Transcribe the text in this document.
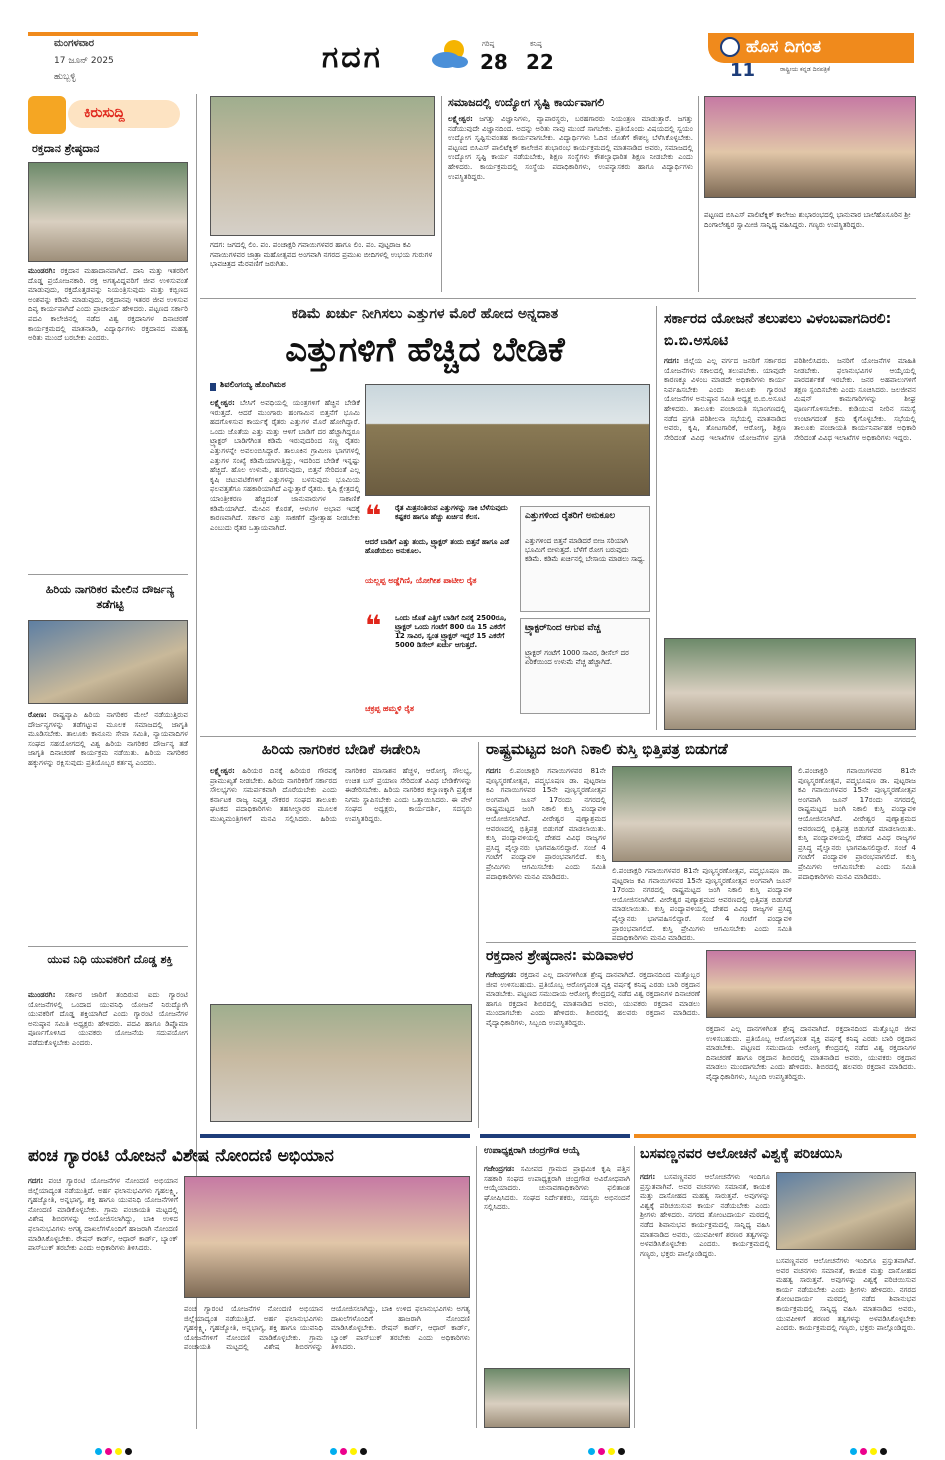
ಮಂಗಳವಾರ
17 ಜೂನ್ 2025
ಹುಬ್ಬಳ್ಳಿ
ಗದಗ	ಗರಿಷ್ಠ
28
ಕನಿಷ್ಠ
22
ಹೊಸ ದಿಗಂತ
ರಾಷ್ಟ್ರೀಯ ಕನ್ನಡ ದಿನಪತ್ರಿಕೆ
11
ಕಿರುಸುದ್ದಿ
ರಕ್ತದಾನ ಶ್ರೇಷ್ಠದಾನ
ಮುಂಡರಗಿ: ರಕ್ತದಾನ ಮಹಾದಾನವಾಗಿದೆ. ದಾನಿ ಮತ್ತು ಇತರರಿಗೆ ದೊಡ್ಡ ಪ್ರಯೋಜನಕಾರಿ. ರಕ್ತ ಅಗತ್ಯವಿದ್ದವರಿಗೆ ಜೀವ ಉಳಿಸುವಂತೆ ಮಾಡುವುದು, ರಕ್ತದೊತ್ತಡವನ್ನು ನಿಯಂತ್ರಿಸುವುದು ಮತ್ತು ಕಬ್ಬಿಣದ ಅಂಶವನ್ನು ಕಡಿಮೆ ಮಾಡುವುದು, ರಕ್ತದಾನವು ಇತರರ ಜೀವ ಉಳಿಸುವ ದಿವ್ಯ ಕಾರ್ಯವಾಗಿದೆ ಎಂದು ಪ್ರಾಚಾರ್ಯ ಹೇಳಿದರು. ಪಟ್ಟಣದ ಸರ್ಕಾರಿ ಪದವಿ ಕಾಲೇಜಿನಲ್ಲಿ ನಡೆದ ವಿಶ್ವ ರಕ್ತದಾನಿಗಳ ದಿನಾಚರಣೆ ಕಾರ್ಯಕ್ರಮದಲ್ಲಿ ಮಾತನಾಡಿ, ವಿದ್ಯಾರ್ಥಿಗಳು ರಕ್ತದಾನದ ಮಹತ್ವ ಅರಿತು ಮುಂದೆ ಬರಬೇಕು ಎಂದರು.
ಹಿರಿಯ ನಾಗರಿಕರ ಮೇಲಿನ ದೌರ್ಜನ್ಯ ತಡೆಗಟ್ಟಿ
ರೋಣ: ರಾಷ್ಟ್ರವ್ಯಾಪಿ ಹಿರಿಯ ನಾಗರಿಕರ ಮೇಲೆ ನಡೆಯುತ್ತಿರುವ ದೌರ್ಜನ್ಯಗಳನ್ನು ತಡೆಗಟ್ಟುವ ಮೂಲಕ ಸಮಾಜದಲ್ಲಿ ಜಾಗೃತಿ ಮೂಡಿಸಬೇಕು. ತಾಲೂಕು ಕಾನೂನು ಸೇವಾ ಸಮಿತಿ, ನ್ಯಾಯವಾದಿಗಳ ಸಂಘದ ಸಹಯೋಗದಲ್ಲಿ ವಿಶ್ವ ಹಿರಿಯ ನಾಗರಿಕರ ದೌರ್ಜನ್ಯ ತಡೆ ಜಾಗೃತಿ ದಿನಾಚರಣೆ ಕಾರ್ಯಕ್ರಮ ನಡೆಯಿತು. ಹಿರಿಯ ನಾಗರಿಕರ ಹಕ್ಕುಗಳನ್ನು ರಕ್ಷಿಸುವುದು ಪ್ರತಿಯೊಬ್ಬರ ಕರ್ತವ್ಯ ಎಂದರು.
ಯುವ ನಿಧಿ ಯುವಕರಿಗೆ ದೊಡ್ಡ ಶಕ್ತಿ
ಮುಂಡರಗಿ: ಸರ್ಕಾರ ಜಾರಿಗೆ ತಂದಿರುವ ಐದು ಗ್ಯಾರಂಟಿ ಯೋಜನೆಗಳಲ್ಲಿ ಒಂದಾದ ಯುವನಿಧಿ ಯೋಜನೆ ನಿರುದ್ಯೋಗಿ ಯುವಕರಿಗೆ ದೊಡ್ಡ ಶಕ್ತಿಯಾಗಿದೆ ಎಂದು ಗ್ಯಾರಂಟಿ ಯೋಜನೆಗಳ ಅನುಷ್ಠಾನ ಸಮಿತಿ ಅಧ್ಯಕ್ಷರು ಹೇಳಿದರು. ಪದವಿ ಹಾಗೂ ಡಿಪ್ಲೊಮಾ ಪೂರ್ಣಗೊಳಿಸಿದ ಯುವಕರು ಯೋಜನೆಯ ಸದುಪಯೋಗ ಪಡೆದುಕೊಳ್ಳಬೇಕು ಎಂದರು.
ಗದಗ: ಜಗದಲ್ಲಿ ಲಿಂ. ಪಂ. ಪಂಚಾಕ್ಷರಿ ಗವಾಯಿಗಳವರ ಹಾಗೂ ಲಿಂ. ಪಂ. ಪುಟ್ಟರಾಜ ಕವಿ ಗವಾಯಿಗಳವರ ಜಾತ್ರಾ ಮಹೋತ್ಸವದ ಅಂಗವಾಗಿ ನಗರದ ಪ್ರಮುಖ ಬೀದಿಗಳಲ್ಲಿ ಉಭಯ ಗುರುಗಳ ಭಾವಚಿತ್ರದ ಮೆರವಣಿಗೆ ಜರುಗಿತು.
ಸಮಾಜದಲ್ಲಿ ಉದ್ಯೋಗ ಸೃಷ್ಟಿ ಕಾರ್ಯವಾಗಲಿ
ಲಕ್ಷ್ಮೇಶ್ವರ: ಜಗತ್ತು ವಿಜ್ಞಾನಿಗಳು, ವ್ಯಾಪಾರಸ್ಥರು, ಬರಹಗಾರರು ನಿಯಂತ್ರಣ ಮಾಡುತ್ತಾರೆ. ಜಗತ್ತು ನಡೆಯುವುದೇ ವಿಜ್ಞಾನದಿಂದ. ಅದನ್ನು ಅರಿತು ನಾವು ಮುಂದೆ ಸಾಗಬೇಕು. ಪ್ರತಿಯೊಂದು ವಿಷಯದಲ್ಲಿ ಸ್ವಯಂ ಉದ್ಯೋಗ ಸೃಷ್ಟಿಸುವಂತಹ ಕಾರ್ಯವಾಗಬೇಕು. ವಿದ್ಯಾರ್ಥಿಗಳು ಓದಿನ ಜೊತೆಗೆ ಕೌಶಲ್ಯ ಬೆಳೆಸಿಕೊಳ್ಳಬೇಕು. ಪಟ್ಟಣದ ಬಿಸಿಎಸ್ ಪಾಲಿಟೆಕ್ನಿಕ್ ಕಾಲೇಜಿನ ಶುಭಾರಂಭ ಕಾರ್ಯಕ್ರಮದಲ್ಲಿ ಮಾತನಾಡಿದ ಅವರು, ಸಮಾಜದಲ್ಲಿ ಉದ್ಯೋಗ ಸೃಷ್ಟಿ ಕಾರ್ಯ ನಡೆಯಬೇಕು, ಶಿಕ್ಷಣ ಸಂಸ್ಥೆಗಳು ಕೌಶಲ್ಯಾಧಾರಿತ ಶಿಕ್ಷಣ ನೀಡಬೇಕು ಎಂದು ಹೇಳಿದರು. ಕಾರ್ಯಕ್ರಮದಲ್ಲಿ ಸಂಸ್ಥೆಯ ಪದಾಧಿಕಾರಿಗಳು, ಉಪನ್ಯಾಸಕರು ಹಾಗೂ ವಿದ್ಯಾರ್ಥಿಗಳು ಉಪಸ್ಥಿತರಿದ್ದರು.
ಪಟ್ಟಣದ ಬಿಸಿಎಸ್ ಪಾಲಿಟೆಕ್ನಿಕ್ ಕಾಲೇಜು ಶುಭಾರಂಭದಲ್ಲಿ ಭಾನುವಾರ ಬಾಲೆಹೊಸೂರಿನ ಶ್ರೀ ದಿಂಗಾಲೇಶ್ವರ ಸ್ವಾಮೀಜಿ ಸಾನ್ನಿಧ್ಯ ವಹಿಸಿದ್ದರು. ಗಣ್ಯರು ಉಪಸ್ಥಿತರಿದ್ದರು.
ಕಡಿಮೆ ಖರ್ಚು ನೀಗಿಸಲು ಎತ್ತುಗಳ ಮೊರೆ ಹೋದ ಅನ್ನದಾತ
ಎತ್ತುಗಳಿಗೆ ಹೆಚ್ಚಿದ ಬೇಡಿಕೆ
ಶಿವಲಿಂಗಯ್ಯ ಹೊಂಗಿಮಠ
ಲಕ್ಷ್ಮೇಶ್ವರ: ಬೇಸಿಗೆ ಅವಧಿಯಲ್ಲಿ ಯಂತ್ರಗಳಿಗೆ ಹೆಚ್ಚಿನ ಬೇಡಿಕೆ ಇರುತ್ತದೆ. ಆದರೆ ಮುಂಗಾರು ಹಂಗಾಮಿನ ಬಿತ್ತನೆಗೆ ಭೂಮಿ ಹದಗೊಳಿಸುವ ಕಾರ್ಯಕ್ಕೆ ರೈತರು ಎತ್ತುಗಳ ಮೊರೆ ಹೋಗಿದ್ದಾರೆ. ಒಂದು ಜೊತೆಯ ಎತ್ತು ಮತ್ತು ಆಳಿಗೆ ಬಾಡಿಗೆ ದರ ಹೆಚ್ಚಾಗಿದ್ದರೂ ಟ್ರ್ಯಾಕ್ಟರ್ ಬಾಡಿಗೆಗಿಂತ ಕಡಿಮೆ ಇರುವುದರಿಂದ ಸಣ್ಣ ರೈತರು ಎತ್ತುಗಳನ್ನೇ ಅವಲಂಬಿಸಿದ್ದಾರೆ. ತಾಲೂಕಿನ ಗ್ರಾಮೀಣ ಭಾಗಗಳಲ್ಲಿ ಎತ್ತುಗಳ ಸಂಖ್ಯೆ ಕಡಿಮೆಯಾಗುತ್ತಿದ್ದು, ಇದರಿಂದ ಬೇಡಿಕೆ ಇನ್ನಷ್ಟು ಹೆಚ್ಚಿದೆ. ಹೊಲ ಉಳುಮೆ, ಹರಗುವುದು, ಬಿತ್ತನೆ ಸೇರಿದಂತೆ ಎಲ್ಲ ಕೃಷಿ ಚಟುವಟಿಕೆಗಳಿಗೆ ಎತ್ತುಗಳನ್ನು ಬಳಸುವುದು ಭೂಮಿಯ ಫಲವತ್ತತೆಗೂ ಸಹಕಾರಿಯಾಗಿದೆ ಎನ್ನುತ್ತಾರೆ ರೈತರು. ಕೃಷಿ ಕ್ಷೇತ್ರದಲ್ಲಿ ಯಾಂತ್ರೀಕರಣ ಹೆಚ್ಚಿದಂತೆ ಜಾನುವಾರುಗಳ ಸಾಕಾಣಿಕೆ ಕಡಿಮೆಯಾಗಿದೆ. ಮೇವಿನ ಕೊರತೆ, ಆಳುಗಳ ಅಭಾವ ಇದಕ್ಕೆ ಕಾರಣವಾಗಿದೆ. ಸರ್ಕಾರ ಎತ್ತು ಸಾಕಣೆಗೆ ಪ್ರೋತ್ಸಾಹ ನೀಡಬೇಕು ಎಂಬುದು ರೈತರ ಒತ್ತಾಯವಾಗಿದೆ.	❝ ರೈತ ಮಿತ್ರನಂತಿರುವ ಎತ್ತುಗಳನ್ನು ಸಾಕಿ ಬೆಳೆಸುವುದು ಕಷ್ಟಕರ ಹಾಗೂ ಹೆಚ್ಚು ಖರ್ಚಿನ ಕೆಲಸ.
ಆದರೆ ಬಾಡಿಗೆ ಎತ್ತು ತಂದು, ಟ್ರ್ಯಾಕ್ಟರ್ ತಂದು ಬಿತ್ತನೆ ಹಾಗೂ ಎಡೆ ಹೊಡೆಯಲು ಅನುಕೂಲ.
ಯಲ್ಲಪ್ಪ ಅಡ್ಡೆಗಿಣಿ, ಯೋಗೀಶ ಪಾಟೀಲ ರೈತ
❝ ಒಂದು ಜೊತೆ ಎತ್ತಿಗೆ ಬಾಡಿಗೆ ದಿನಕ್ಕೆ 2500ರೂ, ಟ್ರ್ಯಾಕ್ಟರ್ ಒಂದು ಗಂಟೆಗೆ 800 ರೂ 15 ಎಕರೆಗೆ 12 ಸಾವಿರ, ಸ್ವಂತ ಟ್ರ್ಯಾಕ್ಟರ್ ಇದ್ದರೆ 15 ಎಕರೆಗೆ 5000 ಡಿಸೇಲ್ ಖರ್ಚು ಆಗುತ್ತದೆ.
ಚಕ್ರಪ್ಪ ಹಮ್ಮಳಿ ರೈತ
ಎತ್ತುಗಳಿಂದ ರೈತರಿಗೆ ಅನುಕೂಲ
ಎತ್ತುಗಳಿಂದ ಬಿತ್ತನೆ ಮಾಡಿದರೆ ಬೀಜ ಸರಿಯಾಗಿ ಭೂಮಿಗೆ ಬೀಳುತ್ತದೆ. ಬೆಳೆಗೆ ರೋಗ ಬರುವುದು ಕಡಿಮೆ. ಕಡಿಮೆ ಖರ್ಚಿನಲ್ಲಿ ಬೇಸಾಯ ಮಾಡಲು ಸಾಧ್ಯ.
ಟ್ರ್ಯಾಕ್ಟರ್‌ನಿಂದ ಆಗುವ ವೆಚ್ಚ
ಟ್ರ್ಯಾಕ್ಟರ್ ಗಂಟೆಗೆ 1000 ಸಾವಿರ, ಡೀಸೆಲ್ ದರ ಏರಿಕೆಯಿಂದ ಉಳುಮೆ ವೆಚ್ಚ ಹೆಚ್ಚಾಗಿದೆ.
ಸರ್ಕಾರದ ಯೋಜನೆ ತಲುಪಲು ವಿಳಂಬವಾಗದಿರಲಿ: ಬಿ.ಬಿ.ಅಸೂಟಿ
ಗದಗ: ಜಿಲ್ಲೆಯ ಎಲ್ಲ ವರ್ಗದ ಜನರಿಗೆ ಸರ್ಕಾರದ ಯೋಜನೆಗಳು ಸಕಾಲದಲ್ಲಿ ತಲುಪಬೇಕು. ಯಾವುದೇ ಕಾರಣಕ್ಕೂ ವಿಳಂಬ ಮಾಡದೇ ಅಧಿಕಾರಿಗಳು ಕಾರ್ಯ ನಿರ್ವಹಿಸಬೇಕು ಎಂದು ತಾಲೂಕು ಗ್ಯಾರಂಟಿ ಯೋಜನೆಗಳ ಅನುಷ್ಠಾನ ಸಮಿತಿ ಅಧ್ಯಕ್ಷ ಬಿ.ಬಿ.ಅಸೂಟಿ ಹೇಳಿದರು. ತಾಲೂಕು ಪಂಚಾಯತಿ ಸಭಾಂಗಣದಲ್ಲಿ ನಡೆದ ಪ್ರಗತಿ ಪರಿಶೀಲನಾ ಸಭೆಯಲ್ಲಿ ಮಾತನಾಡಿದ ಅವರು, ಕೃಷಿ, ತೋಟಗಾರಿಕೆ, ಆರೋಗ್ಯ, ಶಿಕ್ಷಣ ಸೇರಿದಂತೆ ವಿವಿಧ ಇಲಾಖೆಗಳ ಯೋಜನೆಗಳ ಪ್ರಗತಿ ಪರಿಶೀಲಿಸಿದರು. ಜನರಿಗೆ ಯೋಜನೆಗಳ ಮಾಹಿತಿ ನೀಡಬೇಕು. ಫಲಾನುಭವಿಗಳ ಆಯ್ಕೆಯಲ್ಲಿ ಪಾರದರ್ಶಕತೆ ಇರಬೇಕು. ಜನರ ಅಹವಾಲುಗಳಿಗೆ ತಕ್ಷಣ ಸ್ಪಂದಿಸಬೇಕು ಎಂದು ಸೂಚಿಸಿದರು. ಜಲಜೀವನ ಮಿಷನ್ ಕಾಮಗಾರಿಗಳನ್ನು ಶೀಘ್ರ ಪೂರ್ಣಗೊಳಿಸಬೇಕು. ಕುಡಿಯುವ ನೀರಿನ ಸಮಸ್ಯೆ ಉಂಟಾಗದಂತೆ ಕ್ರಮ ಕೈಗೊಳ್ಳಬೇಕು. ಸಭೆಯಲ್ಲಿ ತಾಲೂಕು ಪಂಚಾಯತಿ ಕಾರ್ಯನಿರ್ವಾಹಕ ಅಧಿಕಾರಿ ಸೇರಿದಂತೆ ವಿವಿಧ ಇಲಾಖೆಗಳ ಅಧಿಕಾರಿಗಳು ಇದ್ದರು.
ಹಿರಿಯ ನಾಗರಿಕರ ಬೇಡಿಕೆ ಈಡೇರಿಸಿ
ಲಕ್ಷ್ಮೇಶ್ವರ: ಹಿರಿಯರ ದಿನಕ್ಕೆ ಹಿರಿಯರ ಗೌರವಕ್ಕೆ ಪ್ರಾಮುಖ್ಯತೆ ನೀಡಬೇಕು. ಹಿರಿಯ ನಾಗರಿಕರಿಗೆ ಸರ್ಕಾರದ ಸೌಲಭ್ಯಗಳು ಸಮರ್ಪಕವಾಗಿ ದೊರೆಯಬೇಕು ಎಂದು ಕರ್ನಾಟಕ ರಾಜ್ಯ ನಿವೃತ್ತ ನೌಕರರ ಸಂಘದ ತಾಲೂಕು ಘಟಕದ ಪದಾಧಿಕಾರಿಗಳು ತಹಸೀಲ್ದಾರರ ಮೂಲಕ ಮುಖ್ಯಮಂತ್ರಿಗಳಿಗೆ ಮನವಿ ಸಲ್ಲಿಸಿದರು. ಹಿರಿಯ ನಾಗರಿಕರ ಮಾಸಾಶನ ಹೆಚ್ಚಳ, ಆರೋಗ್ಯ ಸೌಲಭ್ಯ, ಉಚಿತ ಬಸ್ ಪ್ರಯಾಣ ಸೇರಿದಂತೆ ವಿವಿಧ ಬೇಡಿಕೆಗಳನ್ನು ಈಡೇರಿಸಬೇಕು. ಹಿರಿಯ ನಾಗರಿಕರ ಕಲ್ಯಾಣಕ್ಕಾಗಿ ಪ್ರತ್ಯೇಕ ನಿಗಮ ಸ್ಥಾಪಿಸಬೇಕು ಎಂದು ಒತ್ತಾಯಿಸಿದರು. ಈ ವೇಳೆ ಸಂಘದ ಅಧ್ಯಕ್ಷರು, ಕಾರ್ಯದರ್ಶಿ, ಸದಸ್ಯರು ಉಪಸ್ಥಿತರಿದ್ದರು.
ರಾಷ್ಟ್ರಮಟ್ಟದ ಜಂಗಿ ನಿಕಾಲಿ ಕುಸ್ತಿ ಭಿತ್ತಿಪತ್ರ ಬಿಡುಗಡೆ
ಗದಗ: ಲಿ.ಪಂಚಾಕ್ಷರಿ ಗವಾಯಿಗಳವರ 81ನೇ ಪುಣ್ಯಸ್ಮರಣೋತ್ಸವ, ಪದ್ಮಭೂಷಣ ಡಾ. ಪುಟ್ಟರಾಜ ಕವಿ ಗವಾಯಿಗಳವರ 15ನೇ ಪುಣ್ಯಸ್ಮರಣೋತ್ಸವ ಅಂಗವಾಗಿ ಜೂನ್ 17ರಂದು ನಗರದಲ್ಲಿ ರಾಷ್ಟ್ರಮಟ್ಟದ ಜಂಗಿ ನಿಕಾಲಿ ಕುಸ್ತಿ ಪಂದ್ಯಾವಳಿ ಆಯೋಜಿಸಲಾಗಿದೆ. ವೀರೇಶ್ವರ ಪುಣ್ಯಾಶ್ರಮದ ಆವರಣದಲ್ಲಿ ಭಿತ್ತಿಪತ್ರ ಬಿಡುಗಡೆ ಮಾಡಲಾಯಿತು. ಕುಸ್ತಿ ಪಂದ್ಯಾವಳಿಯಲ್ಲಿ ದೇಶದ ವಿವಿಧ ರಾಜ್ಯಗಳ ಪ್ರಸಿದ್ಧ ಪೈಲ್ವಾನರು ಭಾಗವಹಿಸಲಿದ್ದಾರೆ. ಸಂಜೆ 4 ಗಂಟೆಗೆ ಪಂದ್ಯಾವಳಿ ಪ್ರಾರಂಭವಾಗಲಿದೆ. ಕುಸ್ತಿ ಪ್ರೇಮಿಗಳು ಆಗಮಿಸಬೇಕು ಎಂದು ಸಮಿತಿ ಪದಾಧಿಕಾರಿಗಳು ಮನವಿ ಮಾಡಿದರು.
ಲಿ.ಪಂಚಾಕ್ಷರಿ ಗವಾಯಿಗಳವರ 81ನೇ ಪುಣ್ಯಸ್ಮರಣೋತ್ಸವ, ಪದ್ಮಭೂಷಣ ಡಾ. ಪುಟ್ಟರಾಜ ಕವಿ ಗವಾಯಿಗಳವರ 15ನೇ ಪುಣ್ಯಸ್ಮರಣೋತ್ಸವ ಅಂಗವಾಗಿ ಜೂನ್ 17ರಂದು ನಗರದಲ್ಲಿ ರಾಷ್ಟ್ರಮಟ್ಟದ ಜಂಗಿ ನಿಕಾಲಿ ಕುಸ್ತಿ ಪಂದ್ಯಾವಳಿ ಆಯೋಜಿಸಲಾಗಿದೆ. ವೀರೇಶ್ವರ ಪುಣ್ಯಾಶ್ರಮದ ಆವರಣದಲ್ಲಿ ಭಿತ್ತಿಪತ್ರ ಬಿಡುಗಡೆ ಮಾಡಲಾಯಿತು. ಕುಸ್ತಿ ಪಂದ್ಯಾವಳಿಯಲ್ಲಿ ದೇಶದ ವಿವಿಧ ರಾಜ್ಯಗಳ ಪ್ರಸಿದ್ಧ ಪೈಲ್ವಾನರು ಭಾಗವಹಿಸಲಿದ್ದಾರೆ. ಸಂಜೆ 4 ಗಂಟೆಗೆ ಪಂದ್ಯಾವಳಿ ಪ್ರಾರಂಭವಾಗಲಿದೆ. ಕುಸ್ತಿ ಪ್ರೇಮಿಗಳು ಆಗಮಿಸಬೇಕು ಎಂದು ಸಮಿತಿ ಪದಾಧಿಕಾರಿಗಳು ಮನವಿ ಮಾಡಿದರು.
ಲಿ.ಪಂಚಾಕ್ಷರಿ ಗವಾಯಿಗಳವರ 81ನೇ ಪುಣ್ಯಸ್ಮರಣೋತ್ಸವ, ಪದ್ಮಭೂಷಣ ಡಾ. ಪುಟ್ಟರಾಜ ಕವಿ ಗವಾಯಿಗಳವರ 15ನೇ ಪುಣ್ಯಸ್ಮರಣೋತ್ಸವ ಅಂಗವಾಗಿ ಜೂನ್ 17ರಂದು ನಗರದಲ್ಲಿ ರಾಷ್ಟ್ರಮಟ್ಟದ ಜಂಗಿ ನಿಕಾಲಿ ಕುಸ್ತಿ ಪಂದ್ಯಾವಳಿ ಆಯೋಜಿಸಲಾಗಿದೆ. ವೀರೇಶ್ವರ ಪುಣ್ಯಾಶ್ರಮದ ಆವರಣದಲ್ಲಿ ಭಿತ್ತಿಪತ್ರ ಬಿಡುಗಡೆ ಮಾಡಲಾಯಿತು. ಕುಸ್ತಿ ಪಂದ್ಯಾವಳಿಯಲ್ಲಿ ದೇಶದ ವಿವಿಧ ರಾಜ್ಯಗಳ ಪ್ರಸಿದ್ಧ ಪೈಲ್ವಾನರು ಭಾಗವಹಿಸಲಿದ್ದಾರೆ. ಸಂಜೆ 4 ಗಂಟೆಗೆ ಪಂದ್ಯಾವಳಿ ಪ್ರಾರಂಭವಾಗಲಿದೆ. ಕುಸ್ತಿ ಪ್ರೇಮಿಗಳು ಆಗಮಿಸಬೇಕು ಎಂದು ಸಮಿತಿ ಪದಾಧಿಕಾರಿಗಳು ಮನವಿ ಮಾಡಿದರು.
ರಕ್ತದಾನ ಶ್ರೇಷ್ಠದಾನ: ಮಡಿವಾಳರ
ಗಜೇಂದ್ರಗಡ: ರಕ್ತದಾನ ಎಲ್ಲ ದಾನಗಳಿಗಿಂತ ಶ್ರೇಷ್ಠ ದಾನವಾಗಿದೆ. ರಕ್ತದಾನದಿಂದ ಮತ್ತೊಬ್ಬರ ಜೀವ ಉಳಿಸಬಹುದು. ಪ್ರತಿಯೊಬ್ಬ ಆರೋಗ್ಯವಂತ ವ್ಯಕ್ತಿ ವರ್ಷಕ್ಕೆ ಕನಿಷ್ಠ ಎರಡು ಬಾರಿ ರಕ್ತದಾನ ಮಾಡಬೇಕು. ಪಟ್ಟಣದ ಸಮುದಾಯ ಆರೋಗ್ಯ ಕೇಂದ್ರದಲ್ಲಿ ನಡೆದ ವಿಶ್ವ ರಕ್ತದಾನಿಗಳ ದಿನಾಚರಣೆ ಹಾಗೂ ರಕ್ತದಾನ ಶಿಬಿರದಲ್ಲಿ ಮಾತನಾಡಿದ ಅವರು, ಯುವಕರು ರಕ್ತದಾನ ಮಾಡಲು ಮುಂದಾಗಬೇಕು ಎಂದು ಹೇಳಿದರು. ಶಿಬಿರದಲ್ಲಿ ಹಲವರು ರಕ್ತದಾನ ಮಾಡಿದರು. ವೈದ್ಯಾಧಿಕಾರಿಗಳು, ಸಿಬ್ಬಂದಿ ಉಪಸ್ಥಿತರಿದ್ದರು.
ರಕ್ತದಾನ ಎಲ್ಲ ದಾನಗಳಿಗಿಂತ ಶ್ರೇಷ್ಠ ದಾನವಾಗಿದೆ. ರಕ್ತದಾನದಿಂದ ಮತ್ತೊಬ್ಬರ ಜೀವ ಉಳಿಸಬಹುದು. ಪ್ರತಿಯೊಬ್ಬ ಆರೋಗ್ಯವಂತ ವ್ಯಕ್ತಿ ವರ್ಷಕ್ಕೆ ಕನಿಷ್ಠ ಎರಡು ಬಾರಿ ರಕ್ತದಾನ ಮಾಡಬೇಕು. ಪಟ್ಟಣದ ಸಮುದಾಯ ಆರೋಗ್ಯ ಕೇಂದ್ರದಲ್ಲಿ ನಡೆದ ವಿಶ್ವ ರಕ್ತದಾನಿಗಳ ದಿನಾಚರಣೆ ಹಾಗೂ ರಕ್ತದಾನ ಶಿಬಿರದಲ್ಲಿ ಮಾತನಾಡಿದ ಅವರು, ಯುವಕರು ರಕ್ತದಾನ ಮಾಡಲು ಮುಂದಾಗಬೇಕು ಎಂದು ಹೇಳಿದರು. ಶಿಬಿರದಲ್ಲಿ ಹಲವರು ರಕ್ತದಾನ ಮಾಡಿದರು. ವೈದ್ಯಾಧಿಕಾರಿಗಳು, ಸಿಬ್ಬಂದಿ ಉಪಸ್ಥಿತರಿದ್ದರು.
ಪಂಚ ಗ್ಯಾರಂಟಿ ಯೋಜನೆ ವಿಶೇಷ ನೋಂದಣಿ ಅಭಿಯಾನ
ಗದಗ: ಪಂಚ ಗ್ಯಾರಂಟಿ ಯೋಜನೆಗಳ ನೋಂದಣಿ ಅಭಿಯಾನ ಜಿಲ್ಲೆಯಾದ್ಯಂತ ನಡೆಯುತ್ತಿದೆ. ಅರ್ಹ ಫಲಾನುಭವಿಗಳು ಗೃಹಲಕ್ಷ್ಮಿ, ಗೃಹಜ್ಯೋತಿ, ಅನ್ನಭಾಗ್ಯ, ಶಕ್ತಿ ಹಾಗೂ ಯುವನಿಧಿ ಯೋಜನೆಗಳಿಗೆ ನೋಂದಣಿ ಮಾಡಿಕೊಳ್ಳಬೇಕು. ಗ್ರಾಮ ಪಂಚಾಯತಿ ಮಟ್ಟದಲ್ಲಿ ವಿಶೇಷ ಶಿಬಿರಗಳನ್ನು ಆಯೋಜಿಸಲಾಗಿದ್ದು, ಬಾಕಿ ಉಳಿದ ಫಲಾನುಭವಿಗಳು ಅಗತ್ಯ ದಾಖಲೆಗಳೊಂದಿಗೆ ಹಾಜರಾಗಿ ನೋಂದಣಿ ಮಾಡಿಸಿಕೊಳ್ಳಬೇಕು. ರೇಷನ್ ಕಾರ್ಡ್, ಆಧಾರ್ ಕಾರ್ಡ್, ಬ್ಯಾಂಕ್ ಪಾಸ್‌ಬುಕ್ ತರಬೇಕು ಎಂದು ಅಧಿಕಾರಿಗಳು ತಿಳಿಸಿದರು.
ಪಂಚ ಗ್ಯಾರಂಟಿ ಯೋಜನೆಗಳ ನೋಂದಣಿ ಅಭಿಯಾನ ಜಿಲ್ಲೆಯಾದ್ಯಂತ ನಡೆಯುತ್ತಿದೆ. ಅರ್ಹ ಫಲಾನುಭವಿಗಳು ಗೃಹಲಕ್ಷ್ಮಿ, ಗೃಹಜ್ಯೋತಿ, ಅನ್ನಭಾಗ್ಯ, ಶಕ್ತಿ ಹಾಗೂ ಯುವನಿಧಿ ಯೋಜನೆಗಳಿಗೆ ನೋಂದಣಿ ಮಾಡಿಕೊಳ್ಳಬೇಕು. ಗ್ರಾಮ ಪಂಚಾಯತಿ ಮಟ್ಟದಲ್ಲಿ ವಿಶೇಷ ಶಿಬಿರಗಳನ್ನು ಆಯೋಜಿಸಲಾಗಿದ್ದು, ಬಾಕಿ ಉಳಿದ ಫಲಾನುಭವಿಗಳು ಅಗತ್ಯ ದಾಖಲೆಗಳೊಂದಿಗೆ ಹಾಜರಾಗಿ ನೋಂದಣಿ ಮಾಡಿಸಿಕೊಳ್ಳಬೇಕು. ರೇಷನ್ ಕಾರ್ಡ್, ಆಧಾರ್ ಕಾರ್ಡ್, ಬ್ಯಾಂಕ್ ಪಾಸ್‌ಬುಕ್ ತರಬೇಕು ಎಂದು ಅಧಿಕಾರಿಗಳು ತಿಳಿಸಿದರು.
ಉಪಾಧ್ಯಕ್ಷರಾಗಿ ಚಂದ್ರಗೌಡ ಆಯ್ಕೆ
ಗಜೇಂದ್ರಗಡ: ಸಮೀಪದ ಗ್ರಾಮದ ಪ್ರಾಥಮಿಕ ಕೃಷಿ ಪತ್ತಿನ ಸಹಕಾರಿ ಸಂಘದ ಉಪಾಧ್ಯಕ್ಷರಾಗಿ ಚಂದ್ರಗೌಡ ಅವಿರೋಧವಾಗಿ ಆಯ್ಕೆಯಾದರು. ಚುನಾವಣಾಧಿಕಾರಿಗಳು ಫಲಿತಾಂಶ ಘೋಷಿಸಿದರು. ಸಂಘದ ನಿರ್ದೇಶಕರು, ಸದಸ್ಯರು ಅಭಿನಂದನೆ ಸಲ್ಲಿಸಿದರು.
ಬಸವಣ್ಣನವರ ಆಲೋಚನೆ ವಿಶ್ವಕ್ಕೆ ಪರಿಚಯಿಸಿ
ಗದಗ: ಬಸವಣ್ಣನವರ ಆಲೋಚನೆಗಳು ಇಂದಿಗೂ ಪ್ರಸ್ತುತವಾಗಿವೆ. ಅವರ ವಚನಗಳು ಸಮಾನತೆ, ಕಾಯಕ ಮತ್ತು ದಾಸೋಹದ ಮಹತ್ವ ಸಾರುತ್ತವೆ. ಅವುಗಳನ್ನು ವಿಶ್ವಕ್ಕೆ ಪರಿಚಯಿಸುವ ಕಾರ್ಯ ನಡೆಯಬೇಕು ಎಂದು ಶ್ರೀಗಳು ಹೇಳಿದರು. ನಗರದ ತೋಂಟದಾರ್ಯ ಮಠದಲ್ಲಿ ನಡೆದ ಶಿವಾನುಭವ ಕಾರ್ಯಕ್ರಮದಲ್ಲಿ ಸಾನ್ನಿಧ್ಯ ವಹಿಸಿ ಮಾತನಾಡಿದ ಅವರು, ಯುವಪೀಳಿಗೆ ಶರಣರ ತತ್ವಗಳನ್ನು ಅಳವಡಿಸಿಕೊಳ್ಳಬೇಕು ಎಂದರು. ಕಾರ್ಯಕ್ರಮದಲ್ಲಿ ಗಣ್ಯರು, ಭಕ್ತರು ಪಾಲ್ಗೊಂಡಿದ್ದರು.
ಬಸವಣ್ಣನವರ ಆಲೋಚನೆಗಳು ಇಂದಿಗೂ ಪ್ರಸ್ತುತವಾಗಿವೆ. ಅವರ ವಚನಗಳು ಸಮಾನತೆ, ಕಾಯಕ ಮತ್ತು ದಾಸೋಹದ ಮಹತ್ವ ಸಾರುತ್ತವೆ. ಅವುಗಳನ್ನು ವಿಶ್ವಕ್ಕೆ ಪರಿಚಯಿಸುವ ಕಾರ್ಯ ನಡೆಯಬೇಕು ಎಂದು ಶ್ರೀಗಳು ಹೇಳಿದರು. ನಗರದ ತೋಂಟದಾರ್ಯ ಮಠದಲ್ಲಿ ನಡೆದ ಶಿವಾನುಭವ ಕಾರ್ಯಕ್ರಮದಲ್ಲಿ ಸಾನ್ನಿಧ್ಯ ವಹಿಸಿ ಮಾತನಾಡಿದ ಅವರು, ಯುವಪೀಳಿಗೆ ಶರಣರ ತತ್ವಗಳನ್ನು ಅಳವಡಿಸಿಕೊಳ್ಳಬೇಕು ಎಂದರು. ಕಾರ್ಯಕ್ರಮದಲ್ಲಿ ಗಣ್ಯರು, ಭಕ್ತರು ಪಾಲ್ಗೊಂಡಿದ್ದರು.
